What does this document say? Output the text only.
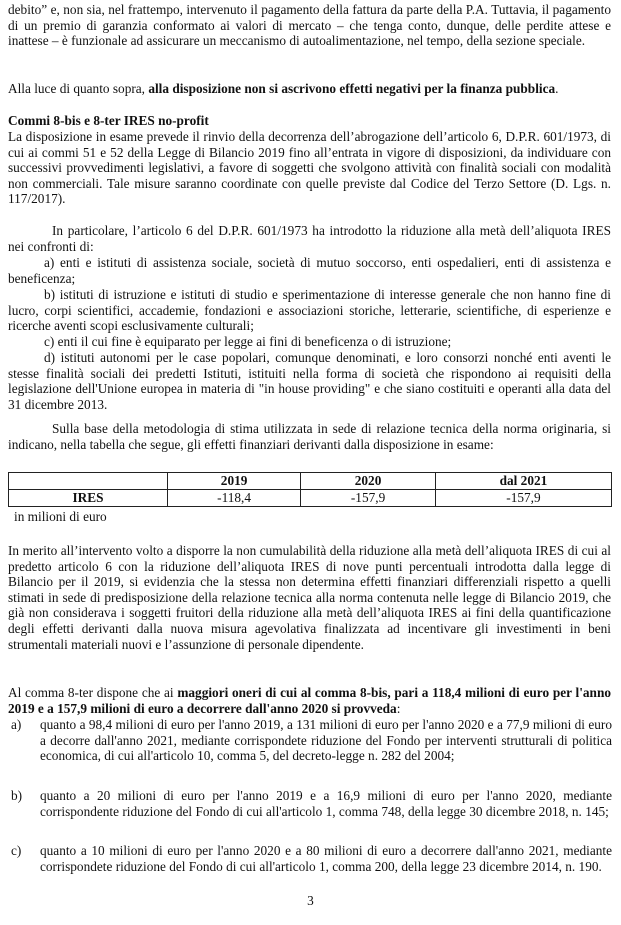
debito” e, non sia, nel frattempo, intervenuto il pagamento della fattura da parte della P.A. Tuttavia, il pagamento di un premio di garanzia conformato ai valori di mercato – che tenga conto, dunque, delle perdite attese e inattese – è funzionale ad assicurare un meccanismo di autoalimentazione, nel tempo, della sezione speciale.

Alla luce di quanto sopra, alla disposizione non si ascrivono effetti negativi per la finanza pubblica.

Commi 8-bis e 8-ter IRES no-profit

La disposizione in esame prevede il rinvio della decorrenza dell’abrogazione dell’articolo 6, D.P.R. 601/1973, di cui ai commi 51 e 52 della Legge di Bilancio 2019 fino all’entrata in vigore di disposizioni, da individuare con successivi provvedimenti legislativi, a favore di soggetti che svolgono attività con finalità sociali con modalità non commerciali. Tale misure saranno coordinate con quelle previste dal Codice del Terzo Settore (D. Lgs. n. 117/2017).

In particolare, l’articolo 6 del D.P.R. 601/1973 ha introdotto la riduzione alla metà dell’aliquota IRES nei confronti di:

a) enti e istituti di assistenza sociale, società di mutuo soccorso, enti ospedalieri, enti di assistenza e beneficenza;

b) istituti di istruzione e istituti di studio e sperimentazione di interesse generale che non hanno fine di lucro, corpi scientifici, accademie, fondazioni e associazioni storiche, letterarie, scientifiche, di esperienze e ricerche aventi scopi esclusivamente culturali;

c) enti il cui fine è equiparato per legge ai fini di beneficenza o di istruzione;

d) istituti autonomi per le case popolari, comunque denominati, e loro consorzi nonché enti aventi le stesse finalità sociali dei predetti Istituti, istituiti nella forma di società che rispondono ai requisiti della legislazione dell'Unione europea in materia di "in house providing" e che siano costituiti e operanti alla data del 31 dicembre 2013.

Sulla base della metodologia di stima utilizzata in sede di relazione tecnica della norma originaria, si indicano, nella tabella che segue, gli effetti finanziari derivanti dalla disposizione in esame:

	2019	2020	dal 2021
IRES	-118,4	-157,9	-157,9
in milioni di euro

In merito all’intervento volto a disporre la non cumulabilità della riduzione alla metà dell’aliquota IRES di cui al predetto articolo 6 con la riduzione dell’aliquota IRES di nove punti percentuali introdotta dalla legge di Bilancio per il 2019, si evidenzia che la stessa non determina effetti finanziari differenziali rispetto a quelli stimati in sede di predisposizione della relazione tecnica alla norma contenuta nelle legge di Bilancio 2019, che già non considerava i soggetti fruitori della riduzione alla metà dell’aliquota IRES ai fini della quantificazione degli effetti derivanti dalla nuova misura agevolativa finalizzata ad incentivare gli investimenti in beni strumentali materiali nuovi e l’assunzione di personale dipendente.

Al comma 8-ter dispone che ai maggiori oneri di cui al comma 8-bis, pari a 118,4 milioni di euro per l'anno 2019 e a 157,9 milioni di euro a decorrere dall'anno 2020 si provveda:

a) quanto a 98,4 milioni di euro per l'anno 2019, a 131 milioni di euro per l'anno 2020 e a 77,9 milioni di euro a decorre dall'anno 2021, mediante corrispondete riduzione del Fondo per interventi strutturali di politica economica, di cui all'articolo 10, comma 5, del decreto-legge n. 282 del 2004;
b) quanto a 20 milioni di euro per l'anno 2019 e a 16,9 milioni di euro per l'anno 2020, mediante corrispondente riduzione del Fondo di cui all'articolo 1, comma 748, della legge 30 dicembre 2018, n. 145;
c) quanto a 10 milioni di euro per l'anno 2020 e a 80 milioni di euro a decorrere dall'anno 2021, mediante corrispondete riduzione del Fondo di cui all'articolo 1, comma 200, della legge 23 dicembre 2014, n. 190.
3
